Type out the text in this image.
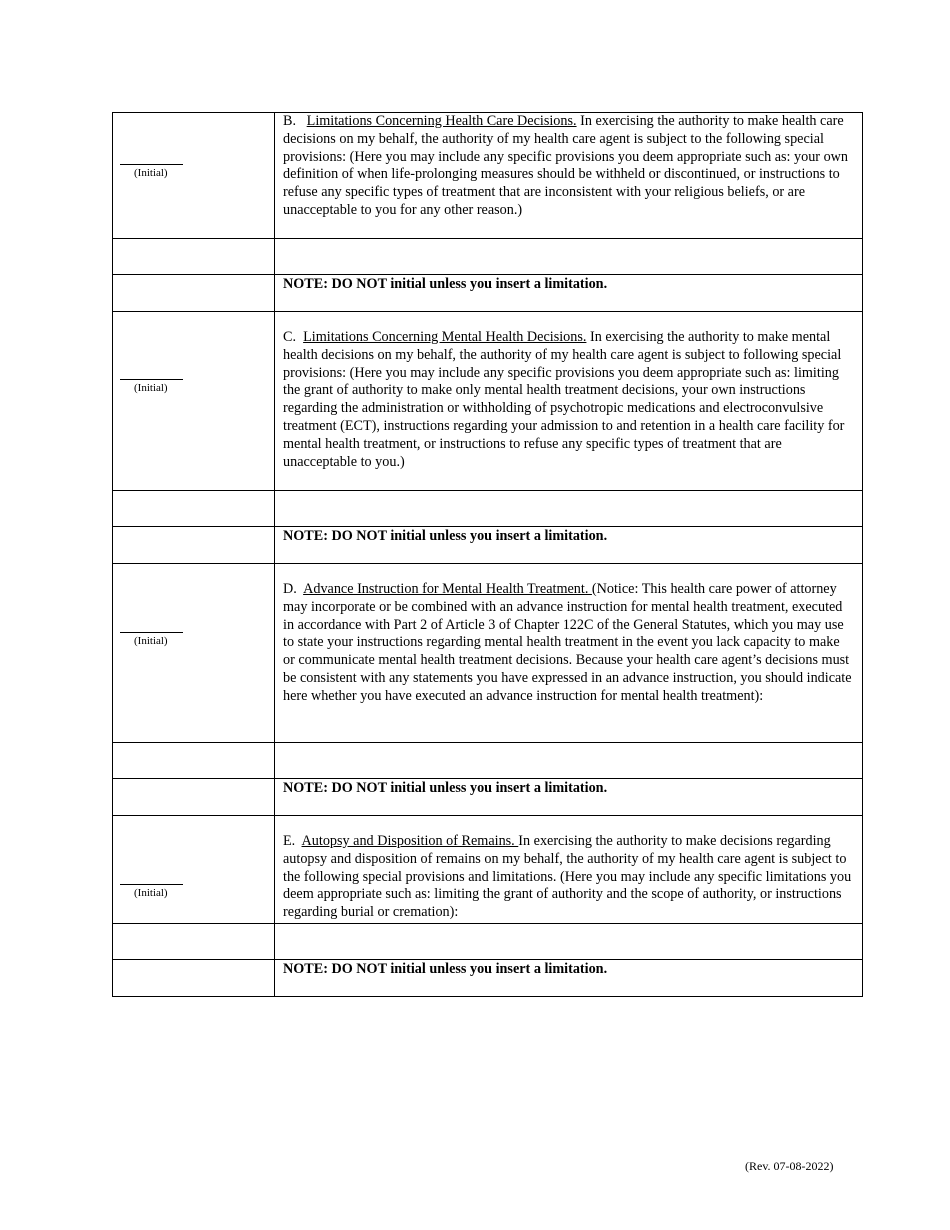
(Initial)	B. Limitations Concerning Health Care Decisions. In exercising the authority to make health care decisions on my behalf, the authority of my health care agent is subject to the following special provisions: (Here you may include any specific provisions you deem appropriate such as: your own definition of when life-prolonging measures should be withheld or discontinued, or instructions to refuse any specific types of treatment that are inconsistent with your religious beliefs, or are unacceptable to you for any other reason.)

	NOTE: DO NOT initial unless you insert a limitation.

(Initial)	C. Limitations Concerning Mental Health Decisions. In exercising the authority to make mental health decisions on my behalf, the authority of my health care agent is subject to following special provisions: (Here you may include any specific provisions you deem appropriate such as: limiting the grant of authority to make only mental health treatment decisions, your own instructions regarding the administration or withholding of psychotropic medications and electroconvulsive treatment (ECT), instructions regarding your admission to and retention in a health care facility for mental health treatment, or instructions to refuse any specific types of treatment that are unacceptable to you.)

	NOTE: DO NOT initial unless you insert a limitation.

(Initial)	D. Advance Instruction for Mental Health Treatment. (Notice: This health care power of attorney may incorporate or be combined with an advance instruction for mental health treatment, executed in accordance with Part 2 of Article 3 of Chapter 122C of the General Statutes, which you may use to state your instructions regarding mental health treatment in the event you lack capacity to make or communicate mental health treatment decisions. Because your health care agent’s decisions must be consistent with any statements you have expressed in an advance instruction, you should indicate here whether you have executed an advance instruction for mental health treatment):

	NOTE: DO NOT initial unless you insert a limitation.

(Initial)	E. Autopsy and Disposition of Remains. In exercising the authority to make decisions regarding autopsy and disposition of remains on my behalf, the authority of my health care agent is subject to the following special provisions and limitations. (Here you may include any specific limitations you deem appropriate such as: limiting the grant of authority and the scope of authority, or instructions regarding burial or cremation):

	NOTE: DO NOT initial unless you insert a limitation.
(Rev. 07-08-2022)
